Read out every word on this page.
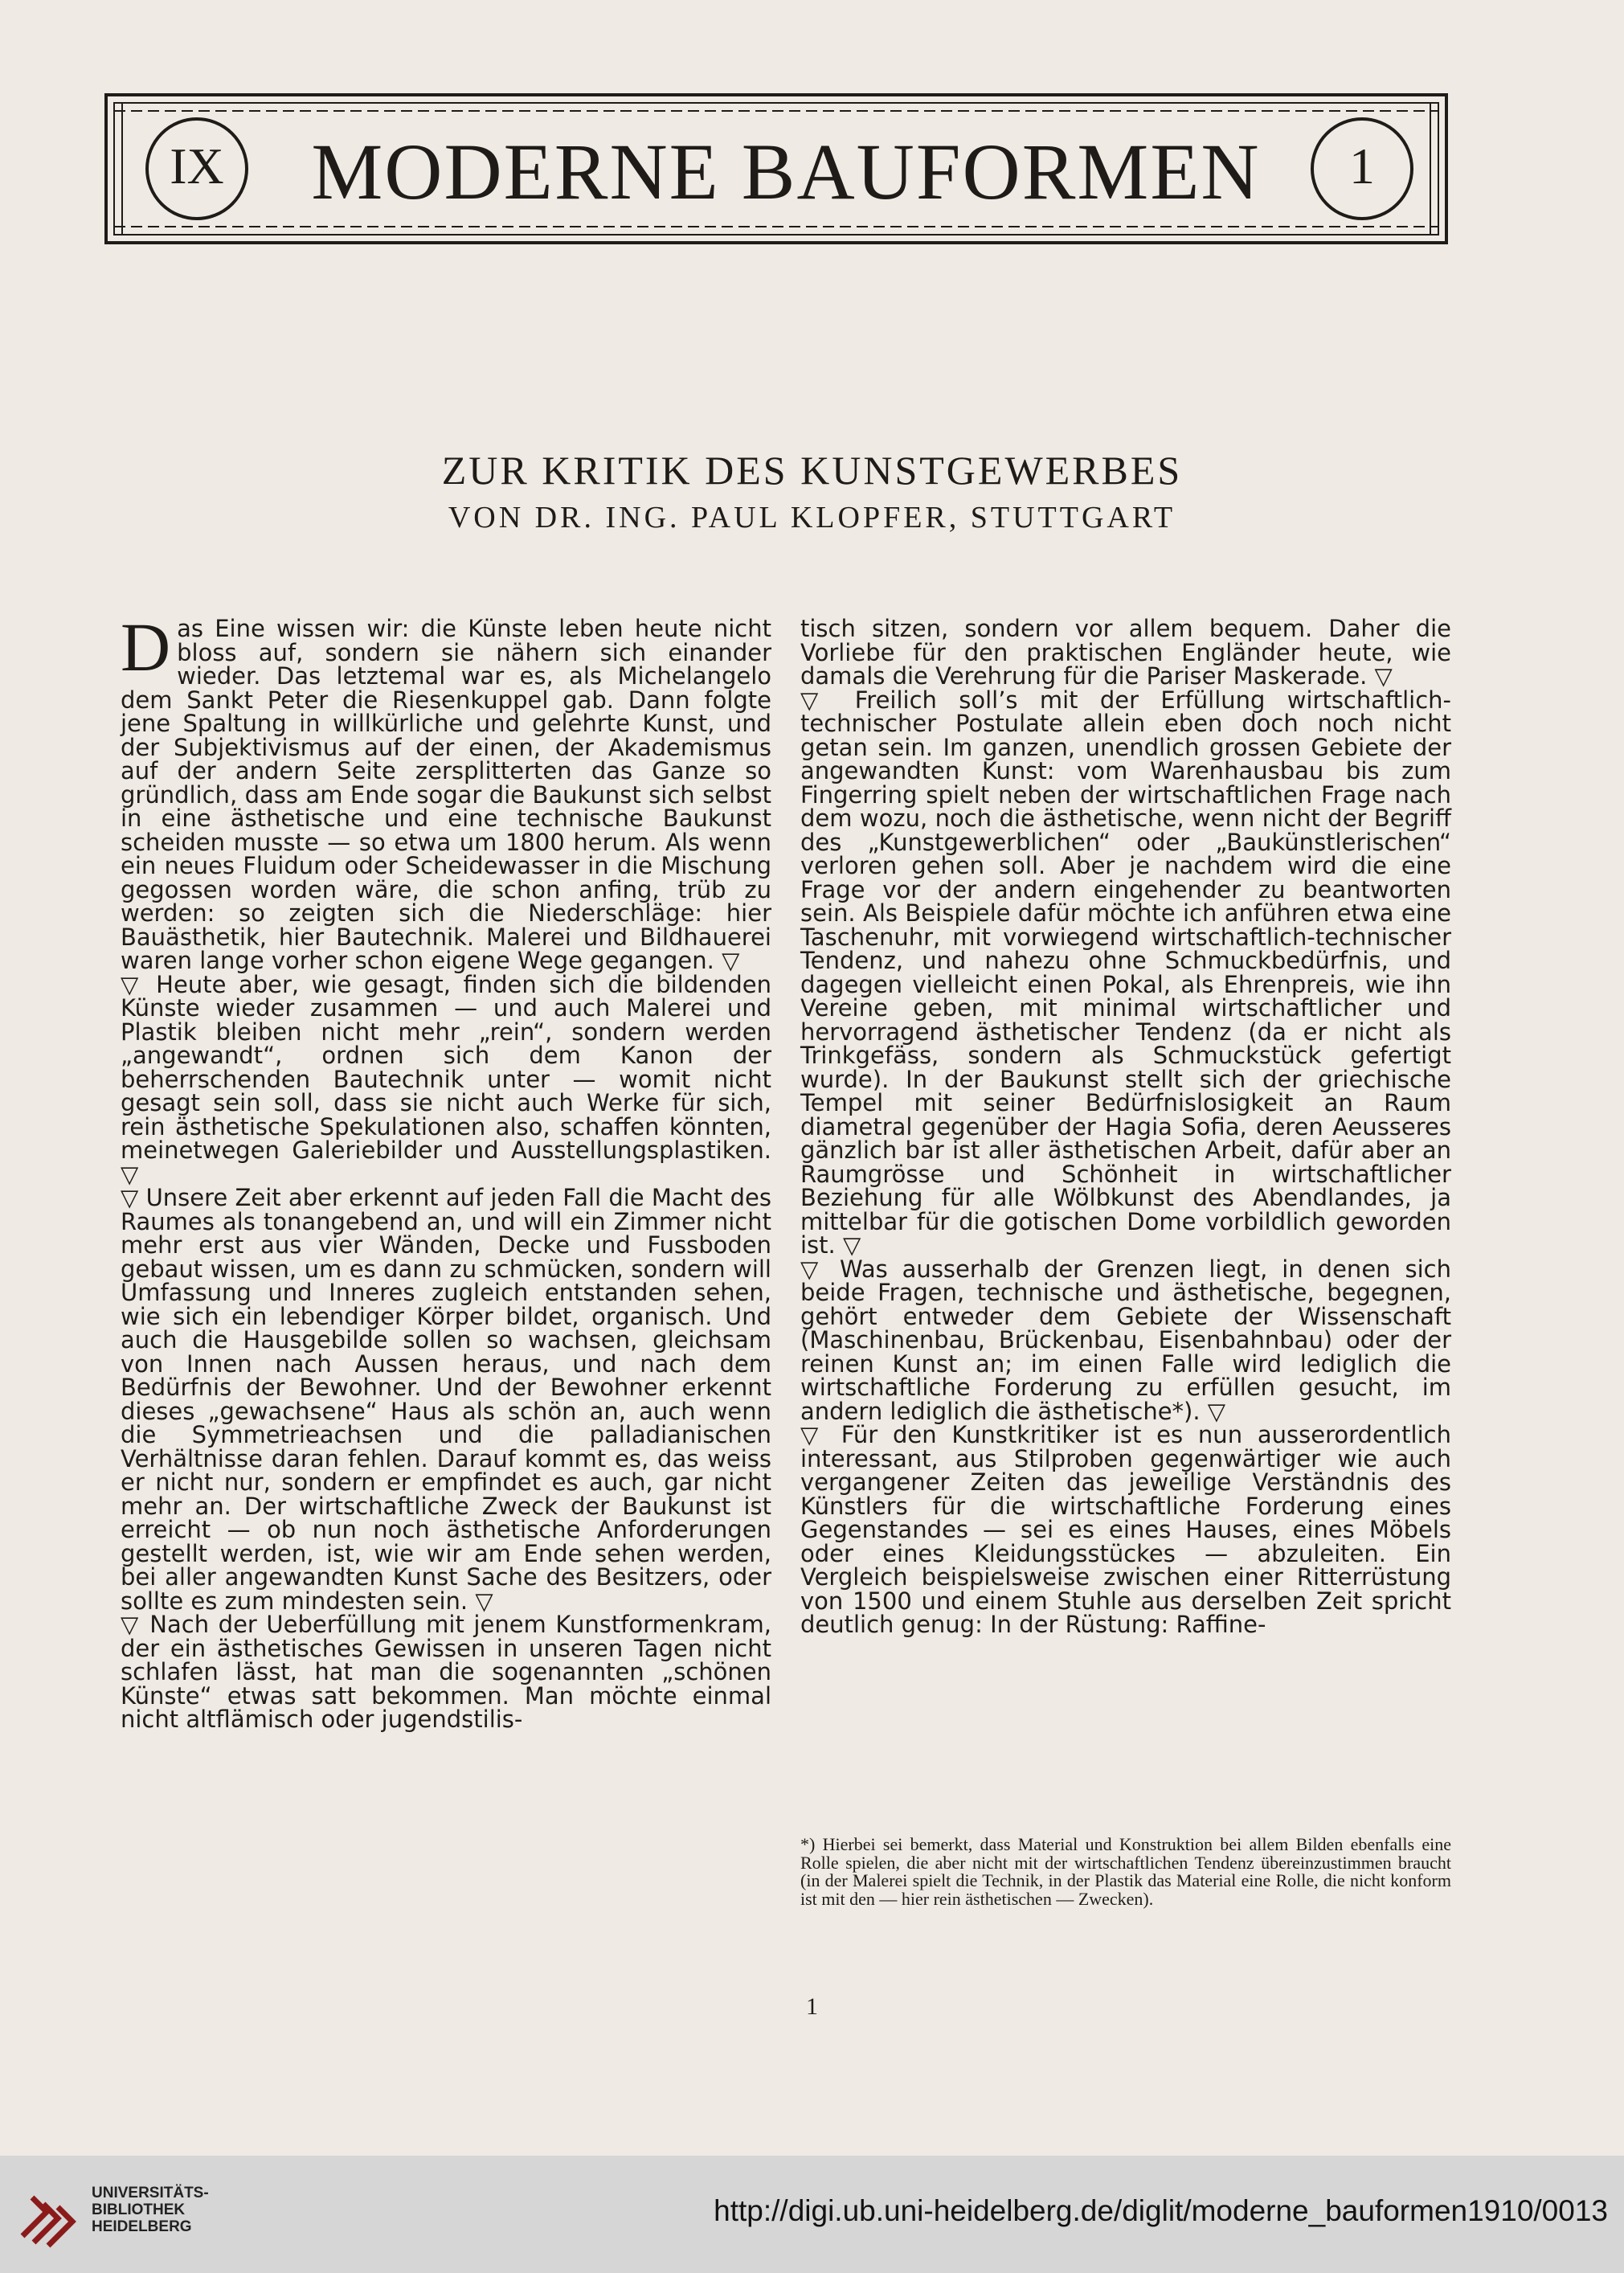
IX	MODERNE BAUFORMEN	1
ZUR KRITIK DES KUNSTGEWERBES
VON DR. ING. PAUL KLOPFER, STUTTGART

Das Eine wissen wir: die Künste leben heute nicht bloss auf, sondern sie nähern sich einander wieder. Das letztemal war es, als Michelangelo dem Sankt Peter die Riesenkuppel gab. Dann folgte jene Spaltung in willkürliche und gelehrte Kunst, und der Subjektivismus auf der einen, der Akademismus auf der andern Seite zersplitterten das Ganze so gründlich, dass am Ende sogar die Baukunst sich selbst in eine ästhetische und eine technische Baukunst scheiden musste — so etwa um 1800 herum. Als wenn ein neues Fluidum oder Scheidewasser in die Mischung gegossen worden wäre, die schon anfing, trüb zu werden: so zeigten sich die Niederschläge: hier Bauästhetik, hier Bautechnik. Malerei und Bildhauerei waren lange vorher schon eigene Wege gegangen. ▽

▽ Heute aber, wie gesagt, finden sich die bildenden Künste wieder zusammen — und auch Malerei und Plastik bleiben nicht mehr „rein“, sondern werden „angewandt“, ordnen sich dem Kanon der beherrschenden Bautechnik unter — womit nicht gesagt sein soll, dass sie nicht auch Werke für sich, rein ästhetische Spekulationen also, schaffen könnten, meinetwegen Galeriebilder und Ausstellungsplastiken. ▽

▽ Unsere Zeit aber erkennt auf jeden Fall die Macht des Raumes als tonangebend an, und will ein Zimmer nicht mehr erst aus vier Wänden, Decke und Fussboden gebaut wissen, um es dann zu schmücken, sondern will Umfassung und Inneres zugleich entstanden sehen, wie sich ein lebendiger Körper bildet, organisch. Und auch die Hausgebilde sollen so wachsen, gleichsam von Innen nach Aussen heraus, und nach dem Bedürfnis der Bewohner. Und der Bewohner erkennt dieses „gewachsene“ Haus als schön an, auch wenn die Symmetrieachsen und die palladianischen Verhältnisse daran fehlen. Darauf kommt es, das weiss er nicht nur, sondern er empfindet es auch, gar nicht mehr an. Der wirtschaftliche Zweck der Baukunst ist erreicht — ob nun noch ästhetische Anforderungen gestellt werden, ist, wie wir am Ende sehen werden, bei aller angewandten Kunst Sache des Besitzers, oder sollte es zum mindesten sein. ▽

▽ Nach der Ueberfüllung mit jenem Kunstformenkram, der ein ästhetisches Gewissen in unseren Tagen nicht schlafen lässt, hat man die sogenannten „schönen Künste“ etwas satt bekommen. Man möchte einmal nicht altflämisch oder jugendstilis-

tisch sitzen, sondern vor allem bequem. Daher die Vorliebe für den praktischen Engländer heute, wie damals die Verehrung für die Pariser Maskerade. ▽

▽ Freilich soll’s mit der Erfüllung wirtschaftlich-technischer Postulate allein eben doch noch nicht getan sein. Im ganzen, unendlich grossen Gebiete der angewandten Kunst: vom Warenhausbau bis zum Fingerring spielt neben der wirtschaftlichen Frage nach dem wozu, noch die ästhetische, wenn nicht der Begriff des „Kunstgewerblichen“ oder „Baukünstlerischen“ verloren gehen soll. Aber je nachdem wird die eine Frage vor der andern eingehender zu beantworten sein. Als Beispiele dafür möchte ich anführen etwa eine Taschenuhr, mit vorwiegend wirtschaftlich-technischer Tendenz, und nahezu ohne Schmuckbedürfnis, und dagegen vielleicht einen Pokal, als Ehrenpreis, wie ihn Vereine geben, mit minimal wirtschaftlicher und hervorragend ästhetischer Tendenz (da er nicht als Trinkgefäss, sondern als Schmuckstück gefertigt wurde). In der Baukunst stellt sich der griechische Tempel mit seiner Bedürfnislosigkeit an Raum diametral gegenüber der Hagia Sofia, deren Aeusseres gänzlich bar ist aller ästhetischen Arbeit, dafür aber an Raumgrösse und Schönheit in wirtschaftlicher Beziehung für alle Wölbkunst des Abendlandes, ja mittelbar für die gotischen Dome vorbildlich geworden ist. ▽

▽ Was ausserhalb der Grenzen liegt, in denen sich beide Fragen, technische und ästhetische, begegnen, gehört entweder dem Gebiete der Wissenschaft (Maschinenbau, Brückenbau, Eisenbahnbau) oder der reinen Kunst an; im einen Falle wird lediglich die wirtschaftliche Forderung zu erfüllen gesucht, im andern lediglich die ästhetische*). ▽

▽ Für den Kunstkritiker ist es nun ausserordentlich interessant, aus Stilproben gegenwärtiger wie auch vergangener Zeiten das jeweilige Verständnis des Künstlers für die wirtschaftliche Forderung eines Gegenstandes — sei es eines Hauses, eines Möbels oder eines Kleidungsstückes — abzuleiten. Ein Vergleich beispielsweise zwischen einer Ritterrüstung von 1500 und einem Stuhle aus derselben Zeit spricht deutlich genug: In der Rüstung: Raffine-

*) Hierbei sei bemerkt, dass Material und Konstruktion bei allem Bilden ebenfalls eine Rolle spielen, die aber nicht mit der wirtschaftlichen Tendenz übereinzustimmen braucht (in der Malerei spielt die Technik, in der Plastik das Material eine Rolle, die nicht konform ist mit den — hier rein ästhetischen — Zwecken).
1
UNIVERSITÄTS-
BIBLIOTHEK
HEIDELBERG	http://digi.ub.uni-heidelberg.de/diglit/moderne_bauformen1910/0013
